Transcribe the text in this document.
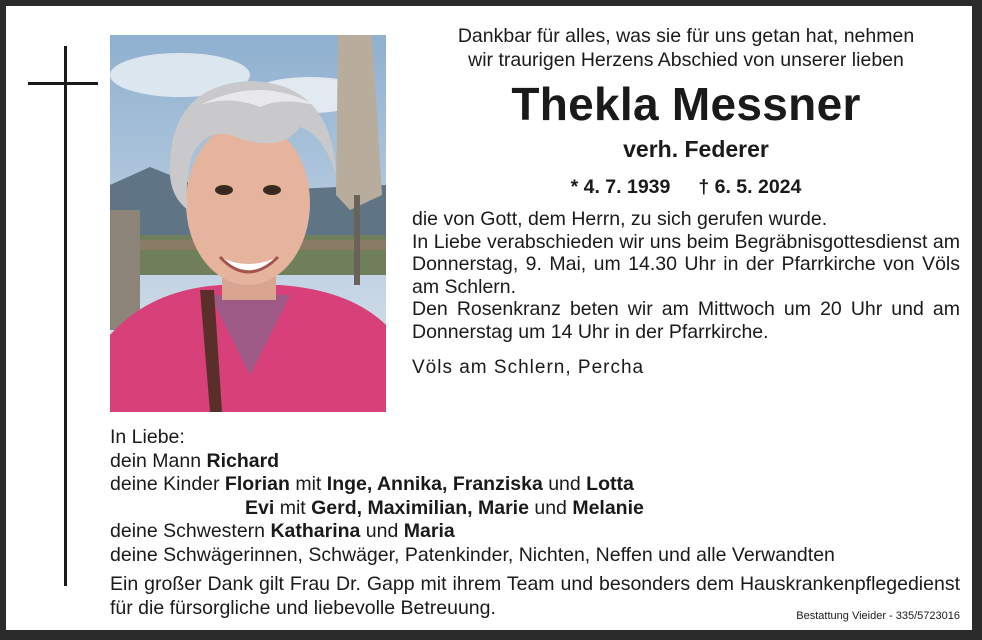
Dankbar für alles, was sie für uns getan hat, nehmen
wir traurigen Herzens Abschied von unserer lieben
Thekla Messner
verh. Federer
* 4. 7. 1939 † 6. 5. 2024

die von Gott, dem Herrn, zu sich gerufen wurde.

In Liebe verabschieden wir uns beim Begräbnisgottesdienst am Donnerstag, 9. Mai, um 14.30 Uhr in der Pfarrkirche von Völs am Schlern.

Den Rosenkranz beten wir am Mittwoch um 20 Uhr und am Donnerstag um 14 Uhr in der Pfarrkirche.

Völs am Schlern, Percha
In Liebe:
dein Mann Richard
deine Kinder Florian mit Inge, Annika, Franziska und Lotta
Evi mit Gerd, Maximilian, Marie und Melanie
deine Schwestern Katharina und Maria
deine Schwägerinnen, Schwäger, Patenkinder, Nichten, Neffen und alle Verwandten
Ein großer Dank gilt Frau Dr. Gapp mit ihrem Team und besonders dem Hauskrankenpflegedienst für die fürsorgliche und liebevolle Betreuung.	Bestattung Vieider - 335/5723016
